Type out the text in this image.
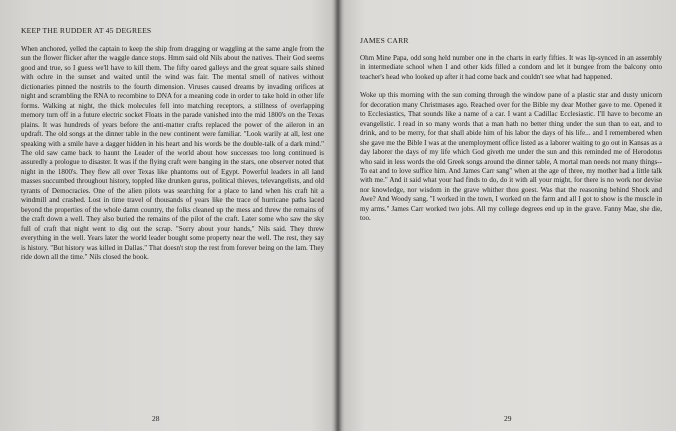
KEEP THE RUDDER AT 45 DEGREES

When anchored, yelled the captain to keep the ship from dragging or waggling at the same angle from the sun the flower flicker after the waggle dance stops. Hmm said old Nils about the natives. Their God seems good and true, so I guess we'll have to kill them. The fifty oared galleys and the great square sails shined with ochre in the sunset and waited until the wind was fair. The mental smell of natives without dictionaries pinned the nostrils to the fourth dimension. Viruses caused dreams by invading orifices at night and scrambling the RNA to recombine to DNA for a meaning code in order to take hold in other life forms. Walking at night, the thick molecules fell into matching receptors, a stillness of overlapping memory turn off in a future electric socket Floats in the parade vanished into the mid 1800's on the Texas plains. It was hundreds of years before the anti-matter crafts replaced the power of the aileron in an updraft. The old songs at the dinner table in the new continent were familiar. "Look warily at all, lest one speaking with a smile have a dagger hidden in his heart and his words be the double-talk of a dark mind." The old saw came back to haunt the Leader of the world about how successes too long continued is assuredly a prologue to disaster. It was if the flying craft were banging in the stars, one observer noted that night in the 1800's. They flew all over Texas like phantoms out of Egypt. Powerful leaders in all land masses succumbed throughout history, toppled like drunken gurus, political thieves, televangelists, and old tyrants of Democracies. One of the alien pilots was searching for a place to land when his craft hit a windmill and crashed. Lost in time travel of thousands of years like the trace of hurricane paths laced beyond the properties of the whole damn country, the folks cleaned up the mess and threw the remains of the craft down a well. They also buried the remains of the pilot of the craft. Later some who saw the sky full of craft that night went to dig out the scrap. "Sorry about your hands," Nils said. They threw everything in the well. Years later the world leader bought some property near the well. The rest, they say is history. "But history was killed in Dallas." That doesn't stop the rest from forever being on the lam. They ride down all the time." Nils closed the book.

28
JAMES CARR

Ohm Mine Papa, odd song held number one in the charts in early fifties. It was lip-synced in an assembly in intermediate school when I and other kids filled a condom and let it bungee from the balcony onto teacher's head who looked up after it had come back and couldn't see what had happened.

Woke up this morning with the sun coming through the window pane of a plastic star and dusty unicorn for decoration many Christmases ago. Reached over for the Bible my dear Mother gave to me. Opened it to Ecclesiastics, That sounds like a name of a car. I want a Cadillac Ecclesiastic. I'll have to become an evangelistic. I read in so many words that a man hath no better thing under the sun than to eat, and to drink, and to be merry, for that shall abide him of his labor the days of his life... and I remembered when she gave me the Bible I was at the unemployment office listed as a laborer waiting to go out in Kansas as a day laborer the days of my life which God giveth me under the sun and this reminded me of Herodotus who said in less words the old Greek songs around the dinner table, A mortal man needs not many things--To eat and to love suffice him. And James Carr sang" when at the age of three, my mother had a little talk with me." And it said what your had finds to do, do it with all your might, for there is no work nor devise nor knowledge, nor wisdom in the grave whither thou goest. Was that the reasoning behind Shock and Awe? And Woody sang, "I worked in the town, I worked on the farm and all I got to show is the muscle in my arms." James Carr worked two jobs. All my college degrees end up in the grave. Fanny Mae, she die, too.

29
